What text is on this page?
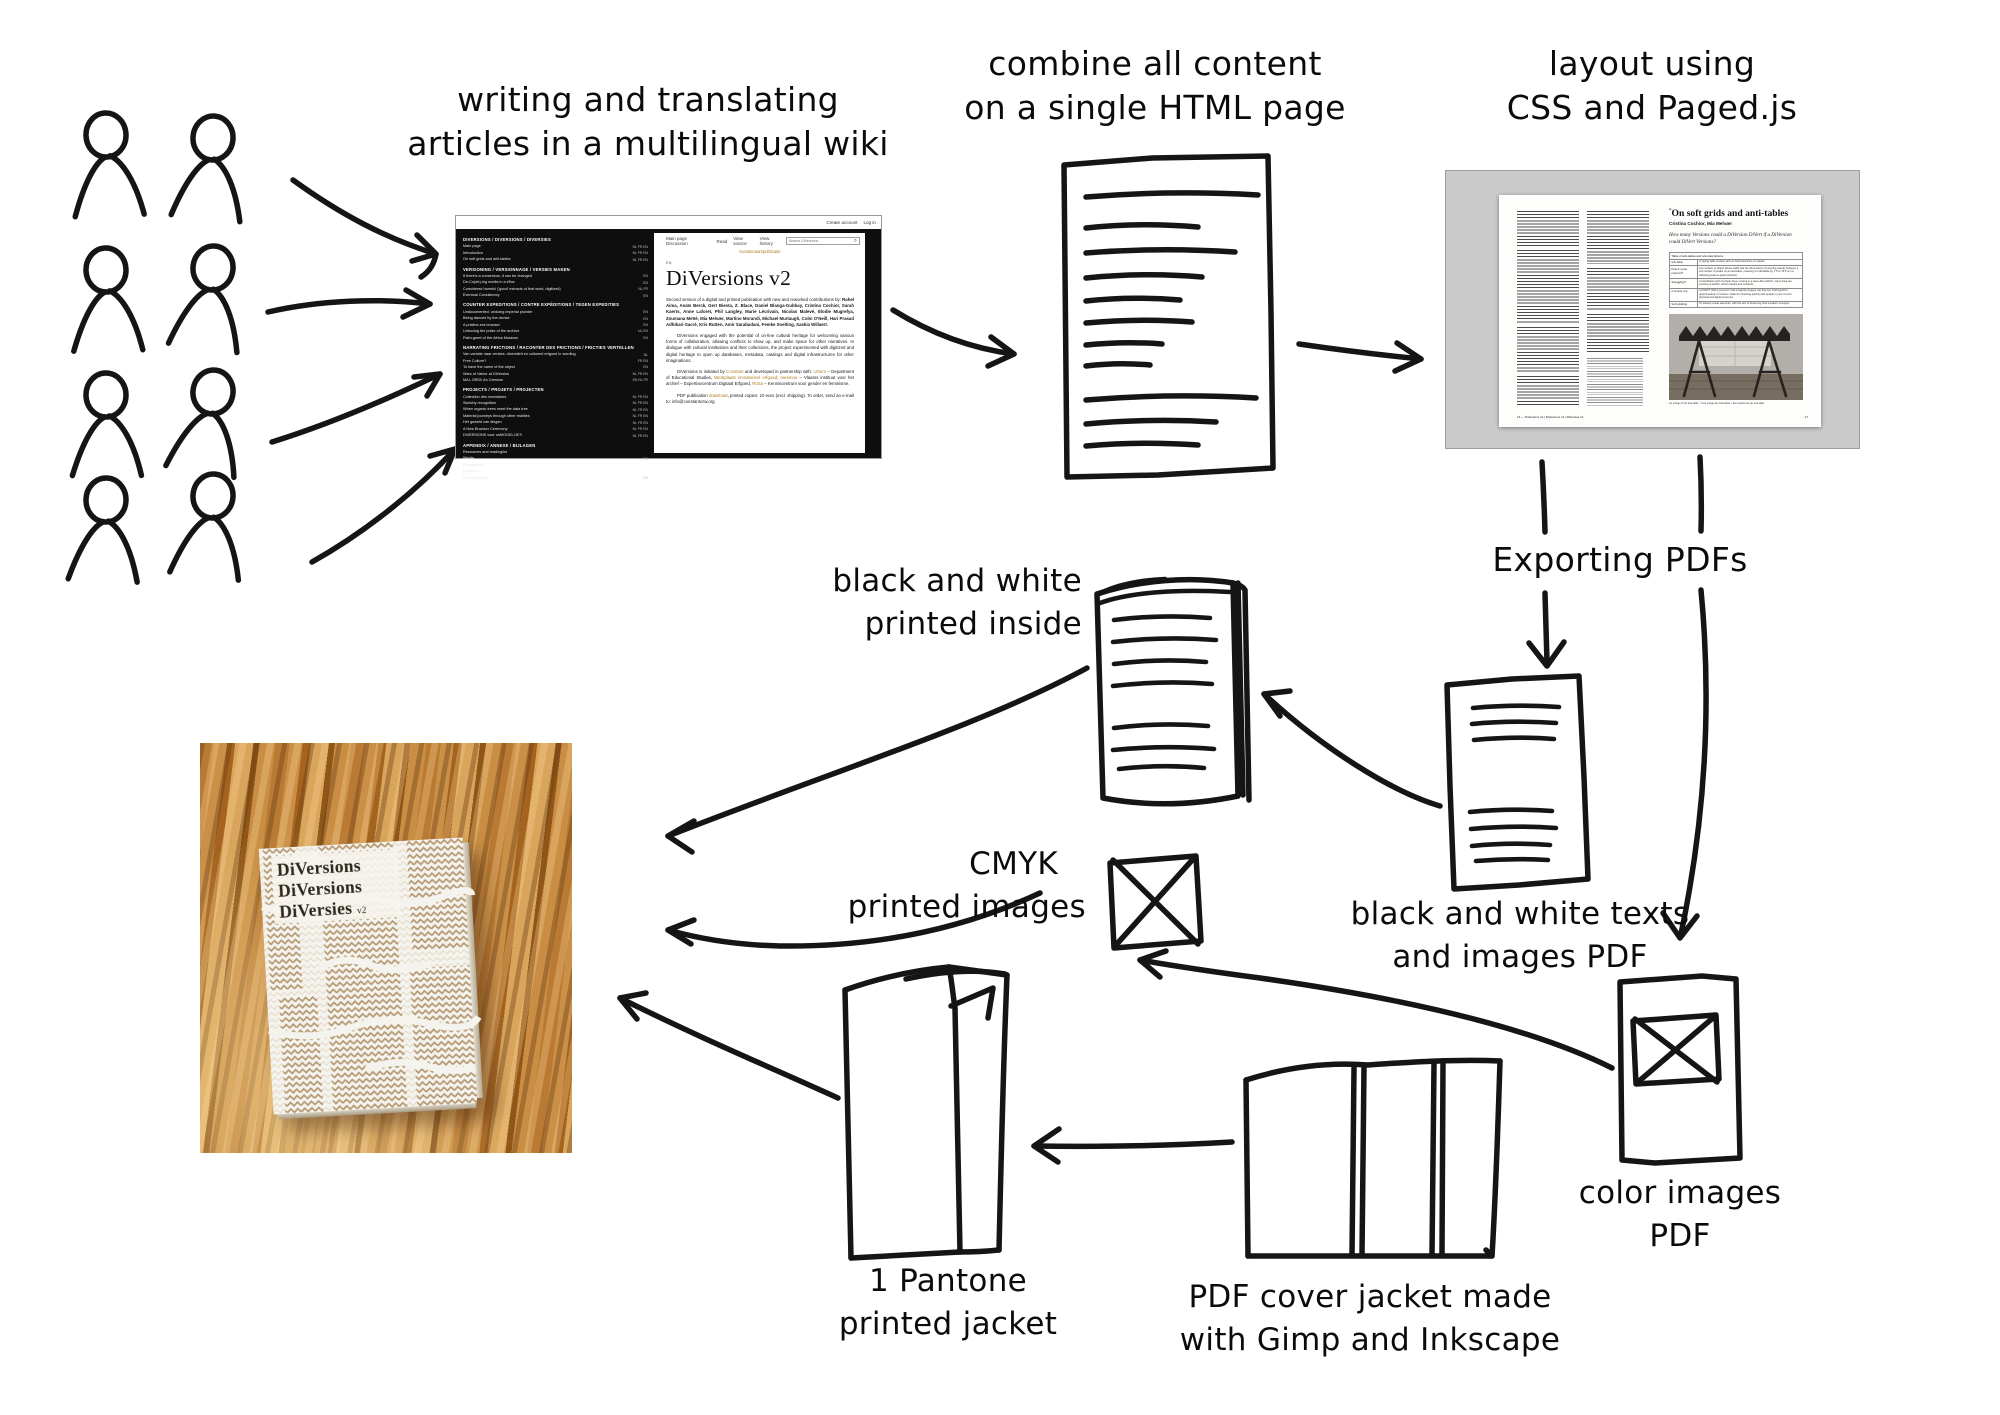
writing and translating
articles in a multilingual wiki
combine all content
on a single HTML page
layout using
CSS and Paged.js
Exporting PDFs
black and white
printed inside
black and white texts
and images PDF
CMYK
printed images
color images
PDF
1 Pantone
printed jacket
PDF cover jacket made
with Gimp and Inkscape
Create account Log in
DIVERSIONS / DIVERSIONS / DIVERSIES
Main page	NL FR EN
Introduction	NL FR EN
On soft grids and anti-tables	NL FR EN
VERSIONING / VERSIONNAGE / VERSIES MAKEN
If there's a consensus, it can be changed	EN
De-Co(de)-ing media in a #flux	EN
Considered harmful ('good' extracts of that work, digitized)	NL FR
Eventual Consistency	EN
COUNTER EXPEDITIONS / CONTRE EXPÉDITIONS / TEGEN EXPEDITIES
Undocumented: undoing imperial plunder	EN
Being danced by the device	EN
A pristine-era browser	EN
Unboxing the pulse of the archive	NL EN
Palm-greet of the Africa Museum	EN
NARRATING FRICTIONS / RACONTER DES FRICTIONS / FRICTIES VERTELLEN
Van variatie naar versies: diversiteit en cultureel erfgoed in wording	NL
Free Culture?	FR EN
To have the name of the object	EN
Wars of Valeur at DiVersion	NL FR EN
MAL ORDI! An Omnium	EN NL FR
PROJECTS / PROJETS / PROJECTEN
Collection des inventaires	NL FR EN
Sketchy recognition	NL FR EN
When organic trees meet the data tree	NL FR EN
Material journeys through other realities	NL FR EN
Het geweld van dingen	NL FR EN
A New Browser Ceremony	NL FR EN
DiVERSIONS voor onMOGELIJK?!	NL FR EN
APPENDIX / ANNEXE / BIJLAGEN
Resources and readinglist
Words	EN
Biographies
Colophon
License (code)	EN
NEDERLANDS / ENGLISH / FRANÇAIS
Main page Discussion	Read View source
View history
Search DiVersions	⌕
Kunstenaarspublicatie
EN
DiVersions v2

Second version of a digital and printed publication with new and reworked contributions by: Rahel Aima, Anaïs Berck, Gert Biesta, Z. Blace, Daniel Blanga-Gubbay, Cristina Cochior, Sarah Kaerts, Anne Laforet, Phil Langley, Marie Lécrivain, Nicolas Malevé, Elodie Mugrefya, Zoumana Meïté, Mia Melvær, Martino Morandi, Michael Murtaugh, Colm O'Neill, Hari Prasad Adhikari-Sacré, Kris Rutten, Amir Sarabadani, Femke Snelting, Saskia Willaert.

DiVersions engaged with the potential of on-line cultural heritage for welcoming various forms of collaboration, allowing conflicts to show up, and make space for other narratives. In dialogue with cultural institutions and their collections, the project experimented with digitized and digital heritage to open up databases, metadata, catalogs and digital infrastructures for other imaginations.

DiVersions is initiated by Constant and developed in partnership with: UGent – Department of Educational Studies, Werkplaats immaterieel erfgoed, meemoo – Vlaams instituut voor het archief – Expertisecentrum Digitaal Erfgoed, RoSa – Kenniscentrum voor gender en feminisme.

PDF publication download, printed copies: 10 euro (excl. shipping). To order, send an e-mail to: info@constantvzw.org

”On soft grids and anti-tables
Cristina Cochior, Mia Melvær
How many Versions could a DiVersion DiVert if a DiVersion could DiVert Versions?
Table of anti-tables and anti-descriptions	
anti-table	A zigzag table surface with no horizontal lines or insides.
Post-it / post protocol?	Any surface or object whose width has the dimensions of covering exactly between a set number of peaks on an anti-table, meaning it is dividable by 7.5 or 15.5 cm (a following peak-to-peak protocol).
Squiggling?	A handdrawn grid of simple lines, moving in a wave-like fashion; some lines are pointing to sketch, others thanks and onwards.
2-minute cup	A POETT (fold-it-yourself / fold-it-together) paper cup that can hold liquid for approximately 2 minutes; made for choosing quickly with people in your current physical and digital presence.
Soft gridding	To loosely repeat elements, with the aim of observing how a pattern emerges.
An image of the anti-table. / Une image de l'anti-table. / Een beeld van de anti-tafel.
16 — DiVersions v2 | DiVersions v2 | DiVersies v2	17
DiVersions
DiVersions
DiVersies v2
